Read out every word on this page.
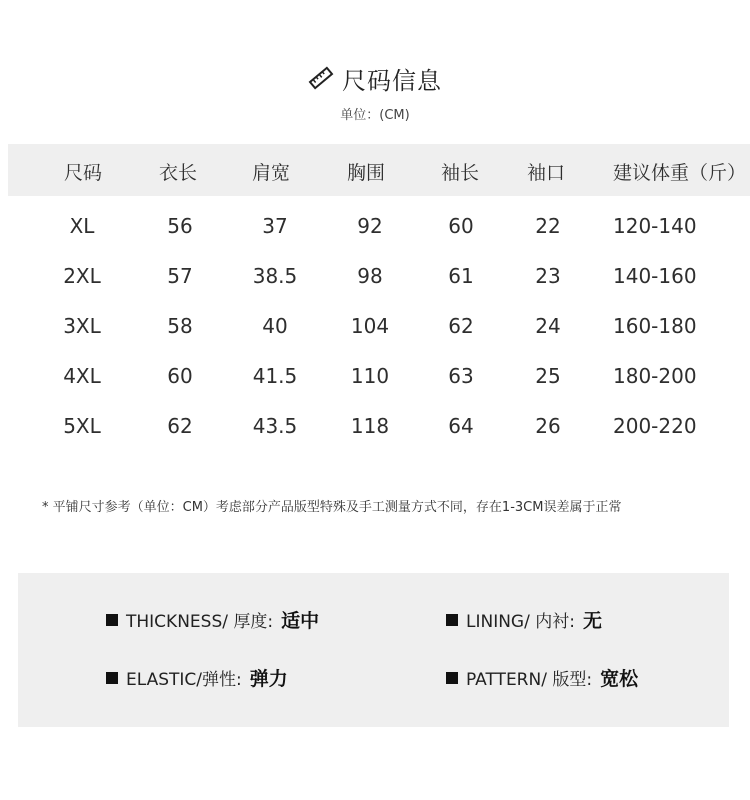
尺码信息
单位：(CM)
尺码	衣长	肩宽	胸围	袖长	袖口	建议体重（斤）
XL	56	37	92	60	22	120-140
2XL	57	38.5	98	61	23	140-160
3XL	58	40	104	62	24	160-180
4XL	60	41.5	110	63	25	180-200
5XL	62	43.5	118	64	26	200-220
* 平铺尺寸参考（单位：CM）考虑部分产品版型特殊及手工测量方式不同，存在1-3CM误差属于正常
THICKNESS/ 厚度: 适中	LINING/ 内衬: 无
ELASTIC/弹性: 弹力	PATTERN/ 版型: 宽松
